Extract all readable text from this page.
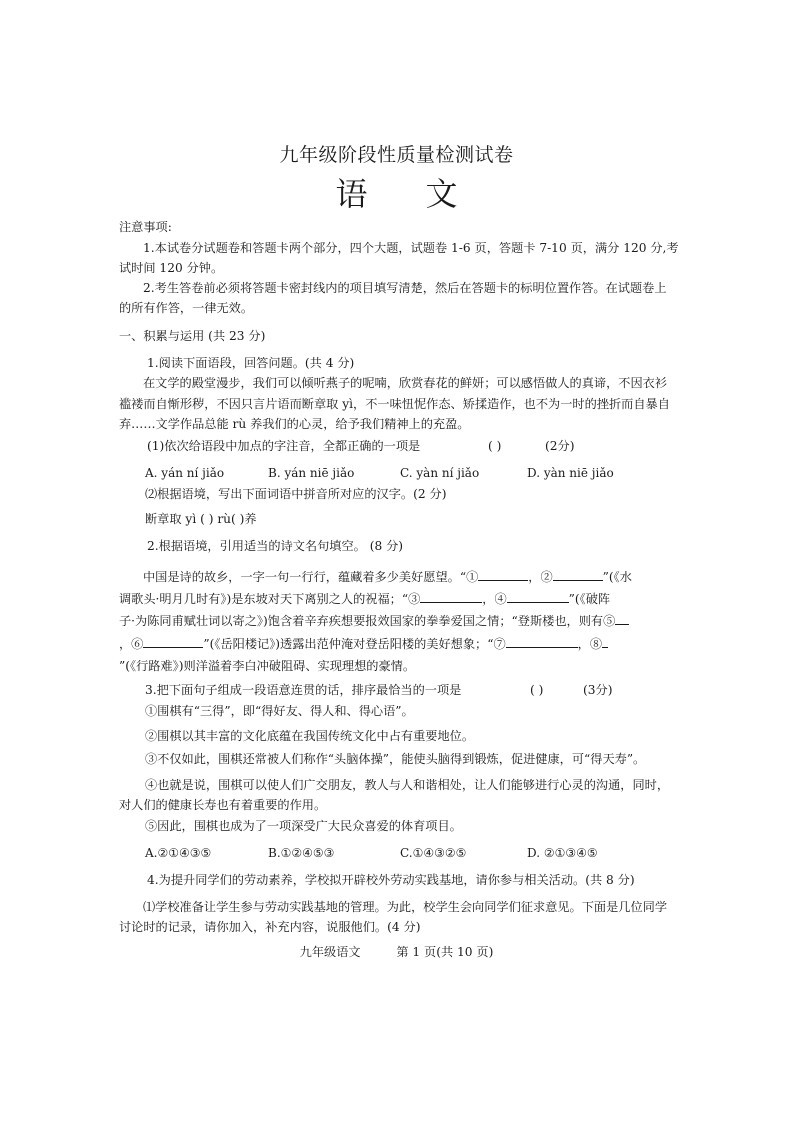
九年级阶段性质量检测试卷
语文
注意事项:
1.本试卷分试题卷和答题卡两个部分，四个大题，试题卷 1-6 页，答题卡 7-10 页，满分 120 分,考
试时间 120 分钟。
2.考生答卷前必须将答题卡密封线内的项目填写清楚，然后在答题卡的标明位置作答。在试题卷上
的所有作答，一律无效。
一、积累与运用 (共 23 分)
1.阅读下面语段，回答问题。(共 4 分)
在文学的殿堂漫步，我们可以倾听燕子的呢喃，欣赏春花的鲜妍；可以感悟做人的真谛，不因衣衫
褴褛而自惭形秽，不因只言片语而断章取 yì，不一味忸怩作态、矫揉造作，也不为一时的挫折而自暴自
弃……文学作品总能 rù 养我们的心灵，给予我们精神上的充盈。
(1)依次给语段中加点的字注音，全都正确的一项是	( )	(2分)
A. yán ní jiǎo	B. yán niē jiǎo	C. yàn ní jiǎo	D. yàn niē jiǎo
⑵根据语境，写出下面词语中拼音所对应的汉字。(2 分)
断章取 yì ( ) rù( )养
2.根据语境，引用适当的诗文名句填空。 (8 分)
中国是诗的故乡，一字一句一行行，蕴藏着多少美好愿望。“①	，②	”(《水
调歌头·明月几时有》)是东坡对天下离别之人的祝福；“③	，④	”(《破阵
子·为陈同甫赋壮词以寄之》)饱含着辛弃疾想要报效国家的拳拳爱国之情；“登斯楼也，则有⑤
，⑥	”(《岳阳楼记》)透露出范仲淹对登岳阳楼的美好想象；“⑦	，⑧
”(《行路难》)则洋溢着李白冲破阻碍、实现理想的豪情。
3.把下面句子组成一段语意连贯的话，排序最恰当的一项是	( )	(3分)
①围棋有“三得”，即“得好友、得人和、得心语”。
②围棋以其丰富的文化底蕴在我国传统文化中占有重要地位。
③不仅如此，围棋还常被人们称作“头脑体操”，能使头脑得到锻炼，促进健康，可“得天寿”。
④也就是说，围棋可以使人们广交朋友，教人与人和谐相处，让人们能够进行心灵的沟通，同时，
对人们的健康长寿也有着重要的作用。
⑤因此，围棋也成为了一项深受广大民众喜爱的体育项目。
A.②①④③⑤	B.①②④⑤③	C.①④③②⑤	D. ②①③④⑤
4.为提升同学们的劳动素养，学校拟开辟校外劳动实践基地，请你参与相关活动。(共 8 分)
⑴学校准备让学生参与劳动实践基地的管理。为此，校学生会向同学们征求意见。下面是几位同学
讨论时的记录，请你加入，补充内容，说服他们。(4 分)
九年级语文	第 1 页(共 10 页)
